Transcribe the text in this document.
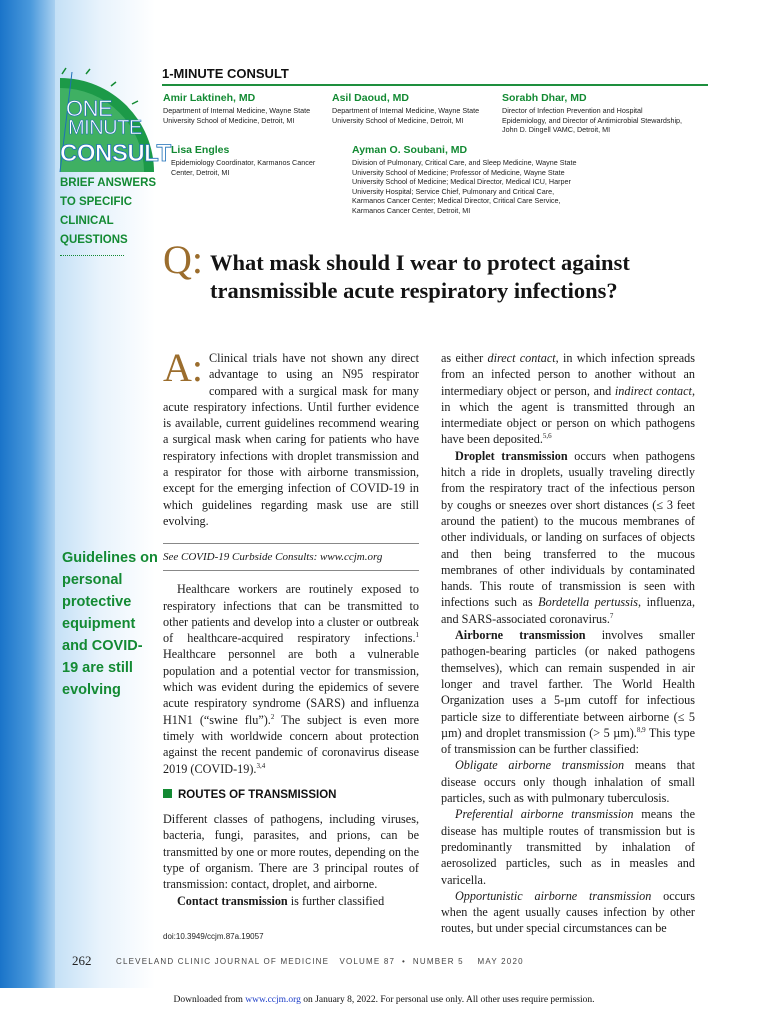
ONE
MINUTE
CONSULT
BRIEF ANSWERS
TO SPECIFIC
CLINICAL
QUESTIONS
Guidelines on personal protective equipment and COVID-19 are still evolving
1-MINUTE CONSULT
Amir Laktineh, MD
Department of Internal Medicine, Wayne State University School of Medicine, Detroit, MI
Asil Daoud, MD
Department of Internal Medicine, Wayne State University School of Medicine, Detroit, MI
Sorabh Dhar, MD
Director of Infection Prevention and Hospital Epidemiology, and Director of Antimicrobial Stewardship, John D. Dingell VAMC, Detroit, MI
Lisa Engles
Epidemiology Coordinator, Karmanos Cancer Center, Detroit, MI
Ayman O. Soubani, MD
Division of Pulmonary, Critical Care, and Sleep Medicine, Wayne State University School of Medicine; Professor of Medicine, Wayne State University School of Medicine; Medical Director, Medical ICU, Harper University Hospital; Service Chief, Pulmonary and Critical Care, Karmanos Cancer Center; Medical Director, Critical Care Service, Karmanos Cancer Center, Detroit, MI
Q: What mask should I wear to protect against transmissible acute respiratory infections?

A: Clinical trials have not shown any direct advantage to using an N95 respirator compared with a surgical mask for many acute respiratory infections. Until further evidence is available, current guidelines recommend wearing a surgical mask when caring for patients who have respiratory infections with droplet transmission and a respirator for those with airborne transmission, except for the emerging infection of COVID-19 in which guidelines regarding mask use are still evolving.

See COVID-19 Curbside Consults: www.ccjm.org

Healthcare workers are routinely exposed to respiratory infections that can be transmitted to other patients and develop into a cluster or outbreak of healthcare-acquired respiratory infections.$^1$ Healthcare personnel are both a vulnerable population and a potential vector for transmission, which was evident during the epidemics of severe acute respiratory syndrome (SARS) and influenza H1N1 (“swine flu”).$^2$ The subject is even more timely with worldwide concern about protection against the recent pandemic of coronavirus disease 2019 (COVID-19).$^{3,4}$

ROUTES OF TRANSMISSION

Different classes of pathogens, including viruses, bacteria, fungi, parasites, and prions, can be transmitted by one or more routes, depending on the type of organism. There are 3 principal routes of transmission: contact, droplet, and airborne.

Contact transmission is further classified

as either direct contact, in which infection spreads from an infected person to another without an intermediary object or person, and indirect contact, in which the agent is transmitted through an intermediate object or person on which pathogens have been deposited.$^{5,6}$

Droplet transmission occurs when pathogens hitch a ride in droplets, usually traveling directly from the respiratory tract of the infectious person by coughs or sneezes over short distances (≤ 3 feet around the patient) to the mucous membranes of other individuals, or landing on surfaces of objects and then being transferred to the mucous membranes of other individuals by contaminated hands. This route of transmission is seen with infections such as Bordetella pertussis, influenza, and SARS-associated coronavirus.$^7$

Airborne transmission involves smaller pathogen-bearing particles (or naked pathogens themselves), which can remain suspended in air longer and travel farther. The World Health Organization uses a 5-µm cutoff for infectious particle size to differentiate between airborne (≤ 5 µm) and droplet transmission (> 5 µm).$^{8,9}$ This type of transmission can be further classified:

Obligate airborne transmission means that disease occurs only though inhalation of small particles, such as with pulmonary tuberculosis.

Preferential airborne transmission means the disease has multiple routes of transmission but is predominantly transmitted by inhalation of aerosolized particles, such as in measles and varicella.

Opportunistic airborne transmission occurs when the agent usually causes infection by other routes, but under special circumstances can be

doi:10.3949/ccjm.87a.19057
262	CLEVELAND CLINIC JOURNAL OF MEDICINE VOLUME 87  •  NUMBER 5 MAY 2020
Downloaded from www.ccjm.org on January 8, 2022. For personal use only. All other uses require permission.
